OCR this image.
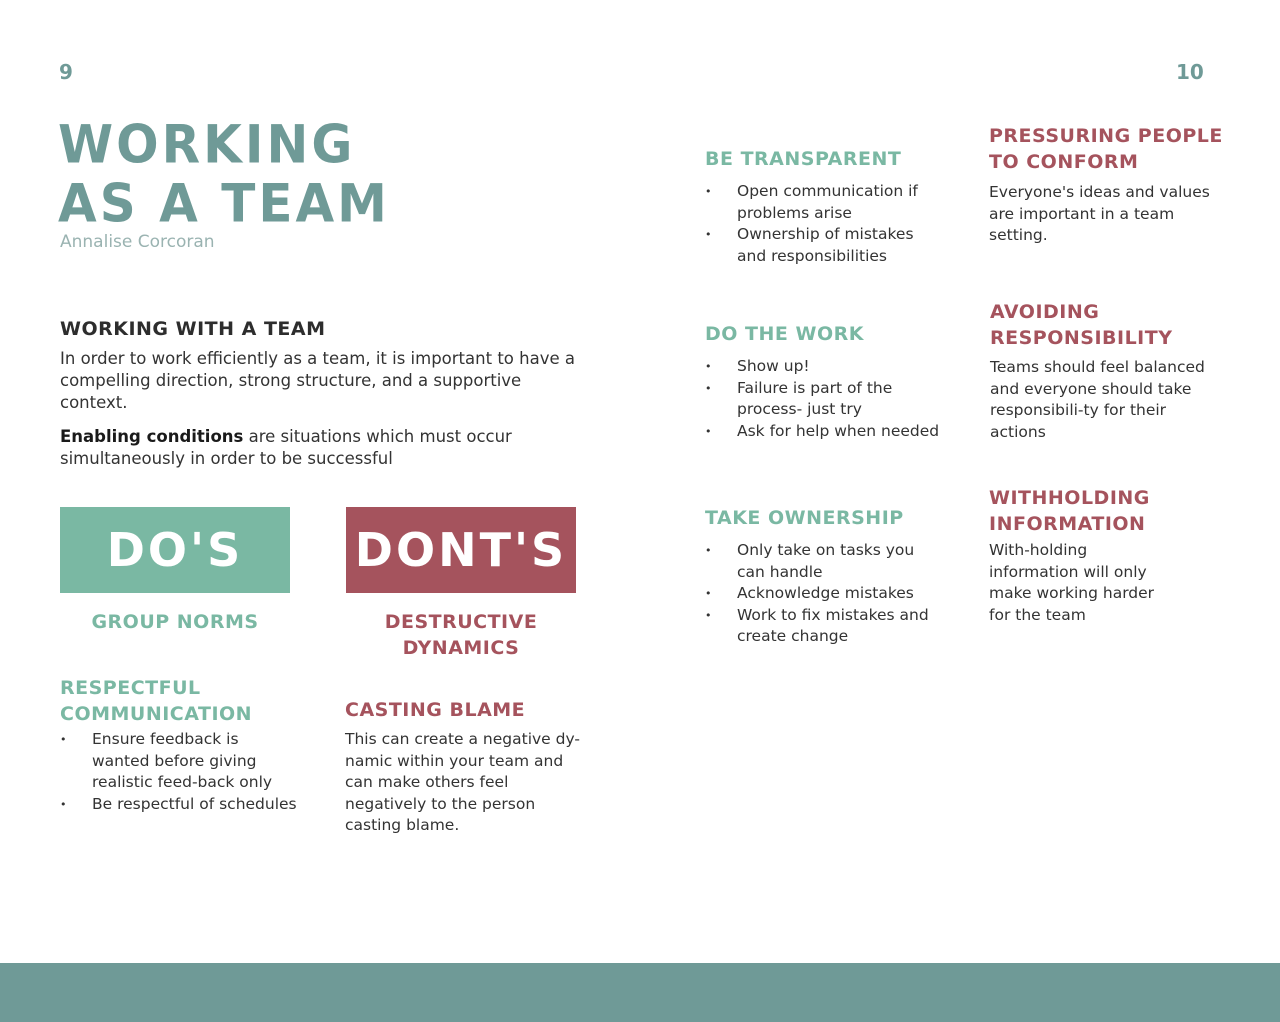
9
WORKING
AS A TEAM
Annalise Corcoran
WORKING WITH A TEAM
In order to work efficiently as a team, it is important to have a compelling direction, strong structure, and a supportive context.
Enabling conditions are situations which must occur simultaneously in order to be successful
DO'S DONT'S
GROUP NORMS	DESTRUCTIVE DYNAMICS
RESPECTFUL
COMMUNICATION
• Ensure feedback is wanted before giving realistic feed-back only
• Be respectful of schedules
CASTING BLAME
This can create a negative dy-namic within your team and can make others feel negatively to the person casting blame.
10
BE TRANSPARENT
• Open communication if problems arise
• Ownership of mistakes and responsibilities
DO THE WORK
• Show up!
• Failure is part of the process- just try
• Ask for help when needed
TAKE OWNERSHIP
• Only take on tasks you can handle
• Acknowledge mistakes
• Work to fix mistakes and create change
PRESSURING PEOPLE
TO CONFORM
Everyone's ideas and values are important in a team setting.
AVOIDING
RESPONSIBILITY
Teams should feel balanced and everyone should take responsibili-ty for their actions
WITHHOLDING
INFORMATION
With-holding information will only make working harder for the team
